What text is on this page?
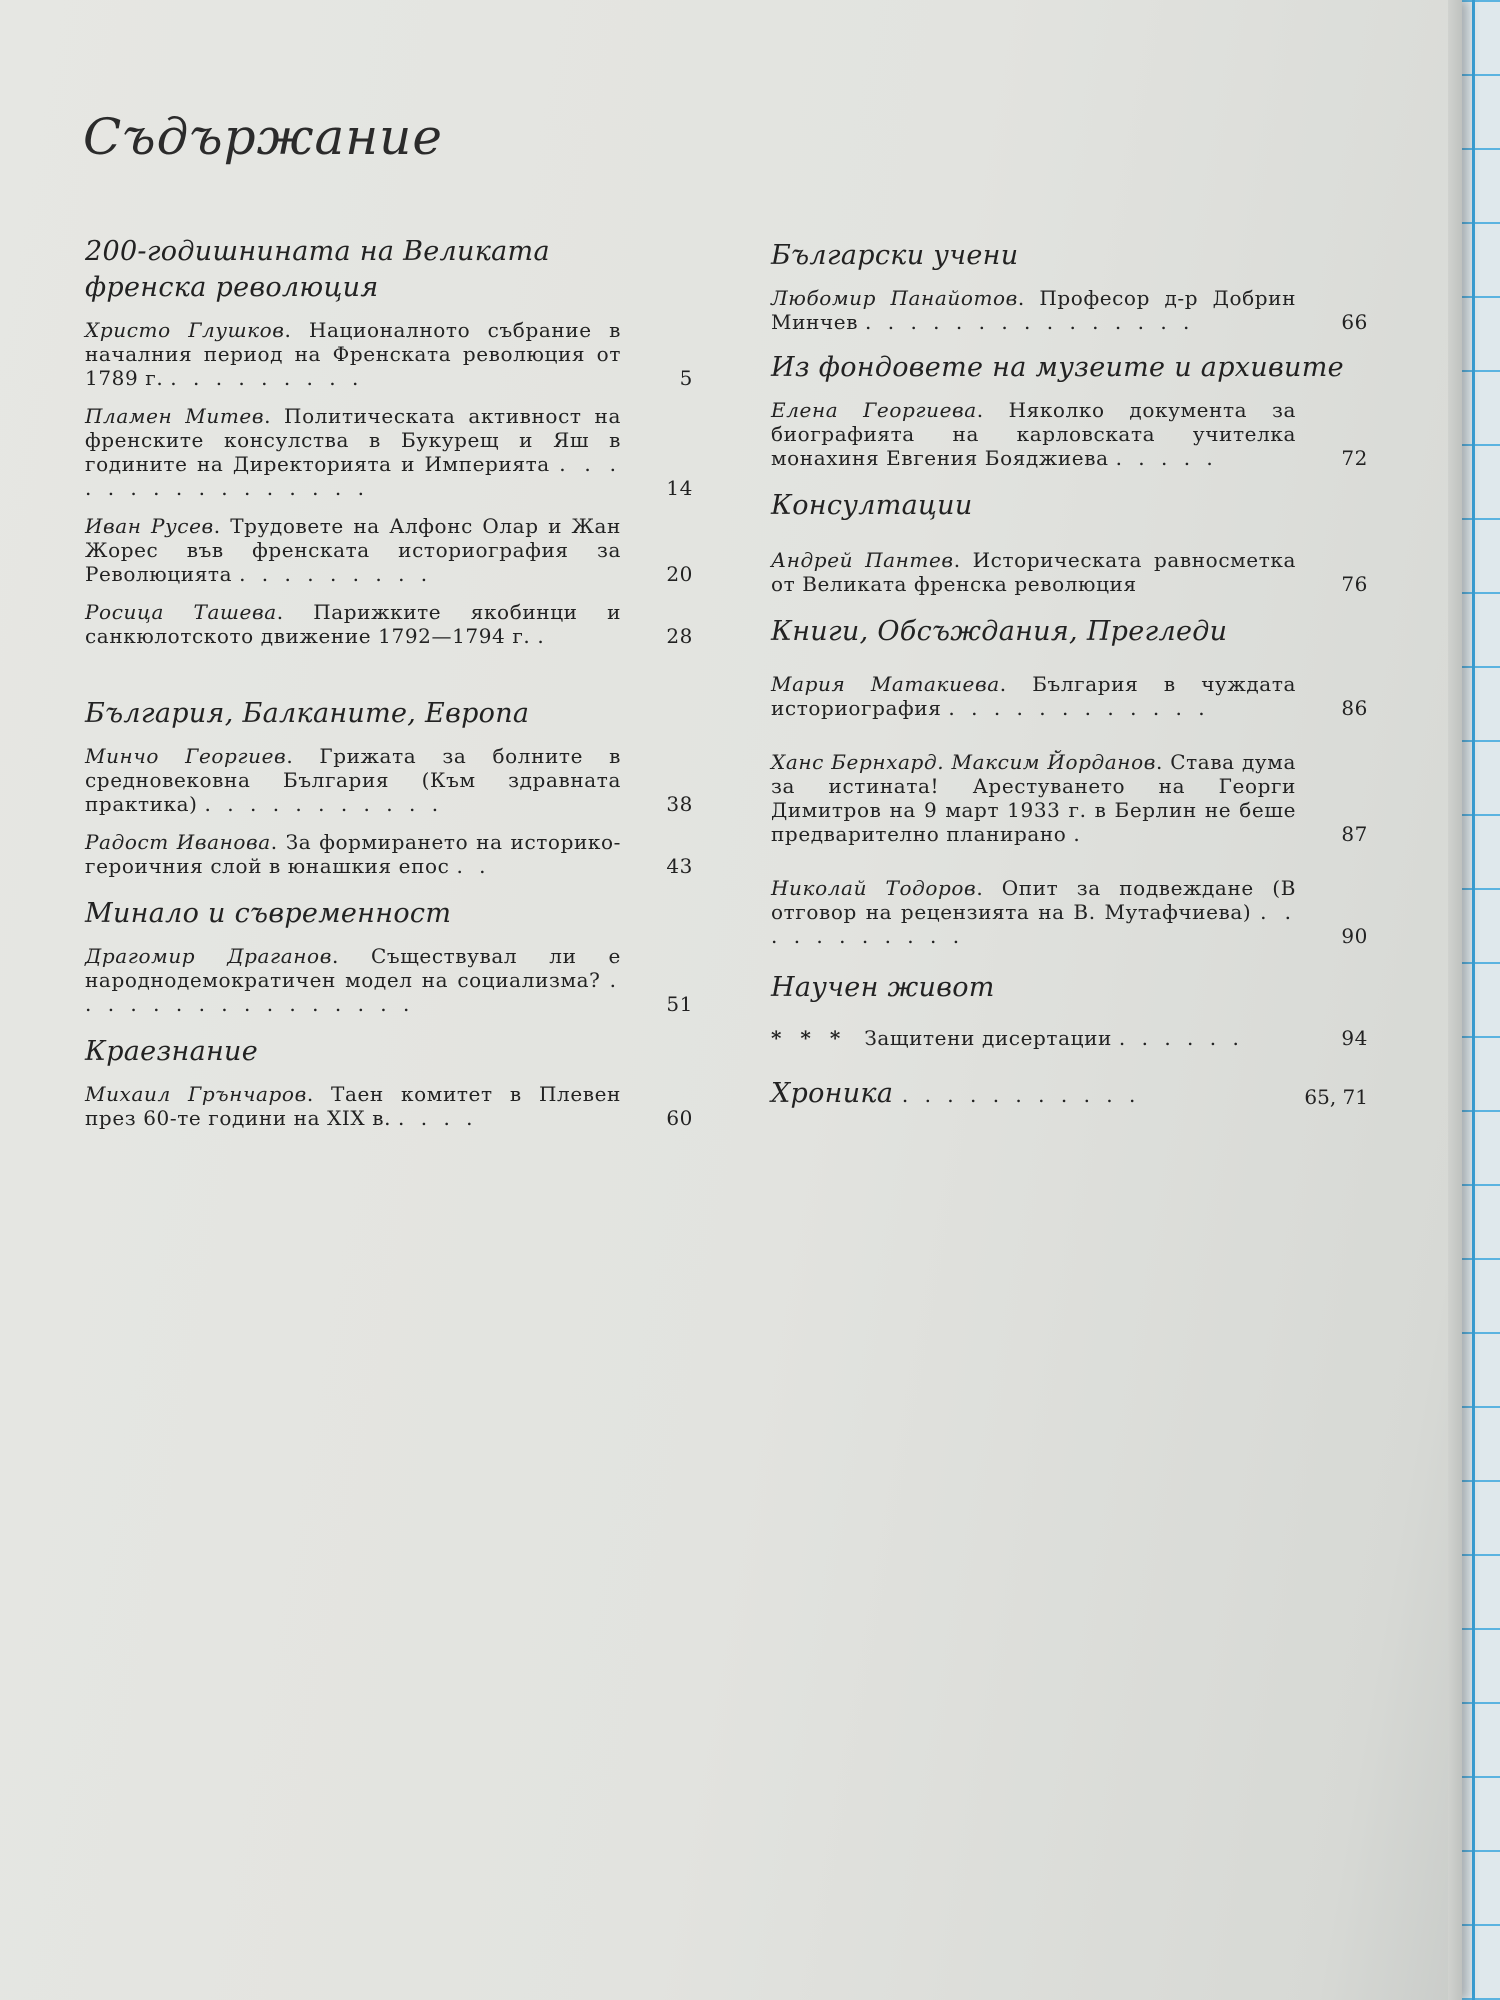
Съдържание
200-годишнината на Великата френска революция
Христо Глушков. Националното събрание в началния период на Френската революция от 1789 г. . . . . . . . . .	5
Пламен Митев. Политическата активност на френските консулства в Букурещ и Яш в годините на Директорията и Империята . . . . . . . . . . . . . . . .	14
Иван Русев. Трудовете на Алфонс Олар и Жан Жорес във френската историография за Революцията . . . . . . . . .	20
Росица Ташева. Парижките якобинци и санкюлотското движение 1792—1794 г. .	28
България, Балканите, Европа
Минчо Георгиев. Грижата за болните в средновековна България (Към здравната практика) . . . . . . . . . . .	38
Радост Иванова. За формирането на историко-героичния слой в юнашкия епос . .	43
Минало и съвременност
Драгомир Драганов. Съществувал ли е народнодемократичен модел на социализма? . . . . . . . . . . . . . . . .	51
Краезнание
Михаил Грънчаров. Таен комитет в Плевен през 60-те години на XIX в. . . . .	60
Български учени
Любомир Панайотов. Професор д-р Добрин Минчев . . . . . . . . . . . . . . .	66
Из фондовете на музеите и архивите
Елена Георгиева. Няколко документа за биографията на карловската учителка монахиня Евгения Бояджиева . . . . .	72
Консултации
Андрей Пантев. Историческата равносметка от Великата френска революция	76
Книги, Обсъждания, Прегледи
Мария Матакиева. България в чуждата историография . . . . . . . . . . . .	86
Ханс Бернхард. Максим Йорданов. Става дума за истината! Арестуването на Георги Димитров на 9 март 1933 г. в Берлин не беше предварително планирано .	87
Николай Тодоров. Опит за подвеждане (В отговор на рецензията на В. Мутафчиева) . . . . . . . . . . .	90
Научен живот
* * * Защитени дисертации . . . . . .	94
Хроника . . . . . . . . . . .	65, 71
